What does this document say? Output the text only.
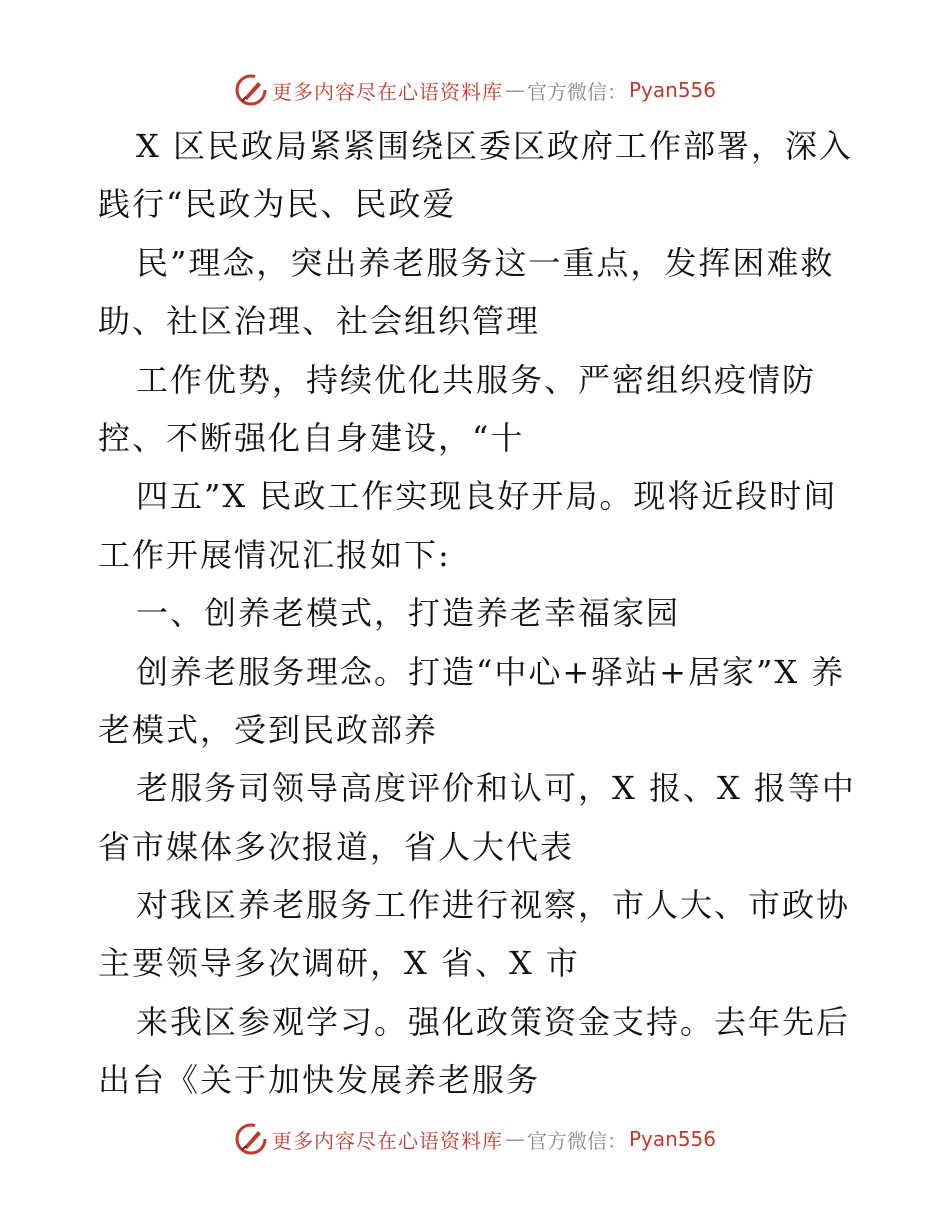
更多内容尽在心语资料库 — 官方微信： Pyan556
X 区民政局紧紧围绕区委区政府工作部署，深入
践行“民政为民、民政爱
民”理念，突出养老服务这一重点，发挥困难救
助、社区治理、社会组织管理
工作优势，持续优化共服务、严密组织疫情防
控、不断强化自身建设，“十
四五”X 民政工作实现良好开局。现将近段时间
工作开展情况汇报如下:
一、创养老模式，打造养老幸福家园
创养老服务理念。打造“中心+驿站+居家”X 养
老模式，受到民政部养
老服务司领导高度评价和认可，X 报、X 报等中
省市媒体多次报道，省人大代表
对我区养老服务工作进行视察，市人大、市政协
主要领导多次调研，X 省、X 市
来我区参观学习。强化政策资金支持。去年先后
出台《关于加快发展养老服务
更多内容尽在心语资料库 — 官方微信： Pyan556
